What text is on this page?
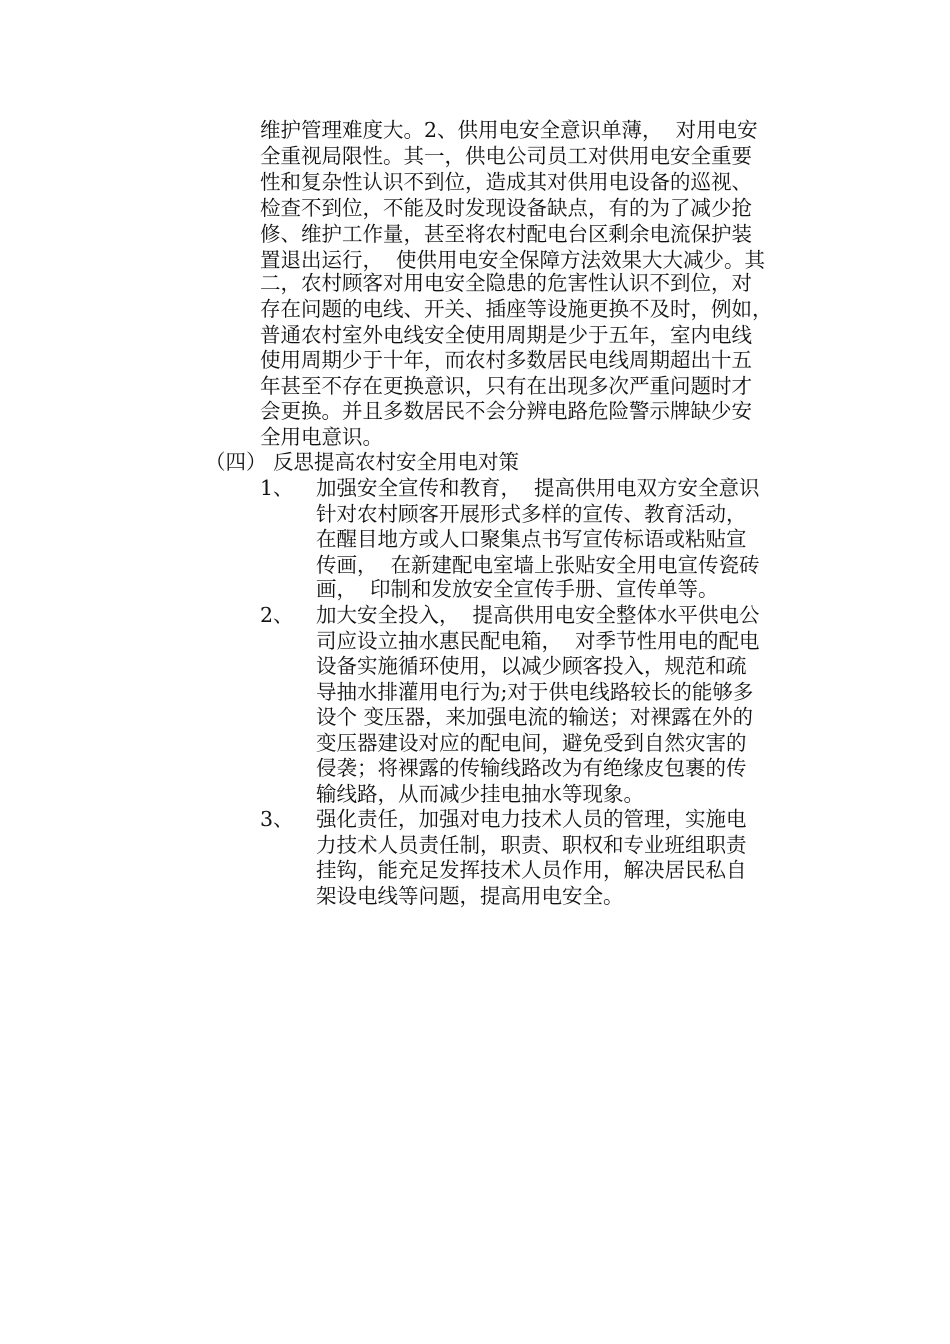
维护管理难度大。2、供用电安全意识单薄，  对用电安
全重视局限性。其一，供电公司员工对供用电安全重要
性和复杂性认识不到位，造成其对供用电设备的巡视、
检查不到位，不能及时发现设备缺点，有的为了减少抢
修、维护工作量，甚至将农村配电台区剩余电流保护装
置退出运行，  使供用电安全保障方法效果大大减少。其
二，农村顾客对用电安全隐患的危害性认识不到位，对
存在问题的电线、开关、插座等设施更换不及时，例如，
普通农村室外电线安全使用周期是少于五年，室内电线
使用周期少于十年，而农村多数居民电线周期超出十五
年甚至不存在更换意识，只有在出现多次严重问题时才
会更换。并且多数居民不会分辨电路危险警示牌缺少安
全用电意识。
（四） 反思提高农村安全用电对策
1、 加强安全宣传和教育，  提高供用电双方安全意识
针对农村顾客开展形式多样的宣传、教育活动，
在醒目地方或人口聚集点书写宣传标语或粘贴宣
传画，  在新建配电室墙上张贴安全用电宣传瓷砖
画，  印制和发放安全宣传手册、宣传单等。
2、 加大安全投入，  提高供用电安全整体水平供电公
司应设立抽水惠民配电箱，  对季节性用电的配电
设备实施循环使用，以减少顾客投入，规范和疏
导抽水排灌用电行为;对于供电线路较长的能够多
设个 变压器，来加强电流的输送；对裸露在外的
变压器建设对应的配电间，避免受到自然灾害的
侵袭；将裸露的传输线路改为有绝缘皮包裹的传
输线路，从而减少挂电抽水等现象。
3、 强化责任，加强对电力技术人员的管理，实施电
力技术人员责任制，职责、职权和专业班组职责
挂钩，能充足发挥技术人员作用，解决居民私自
架设电线等问题，提高用电安全。
